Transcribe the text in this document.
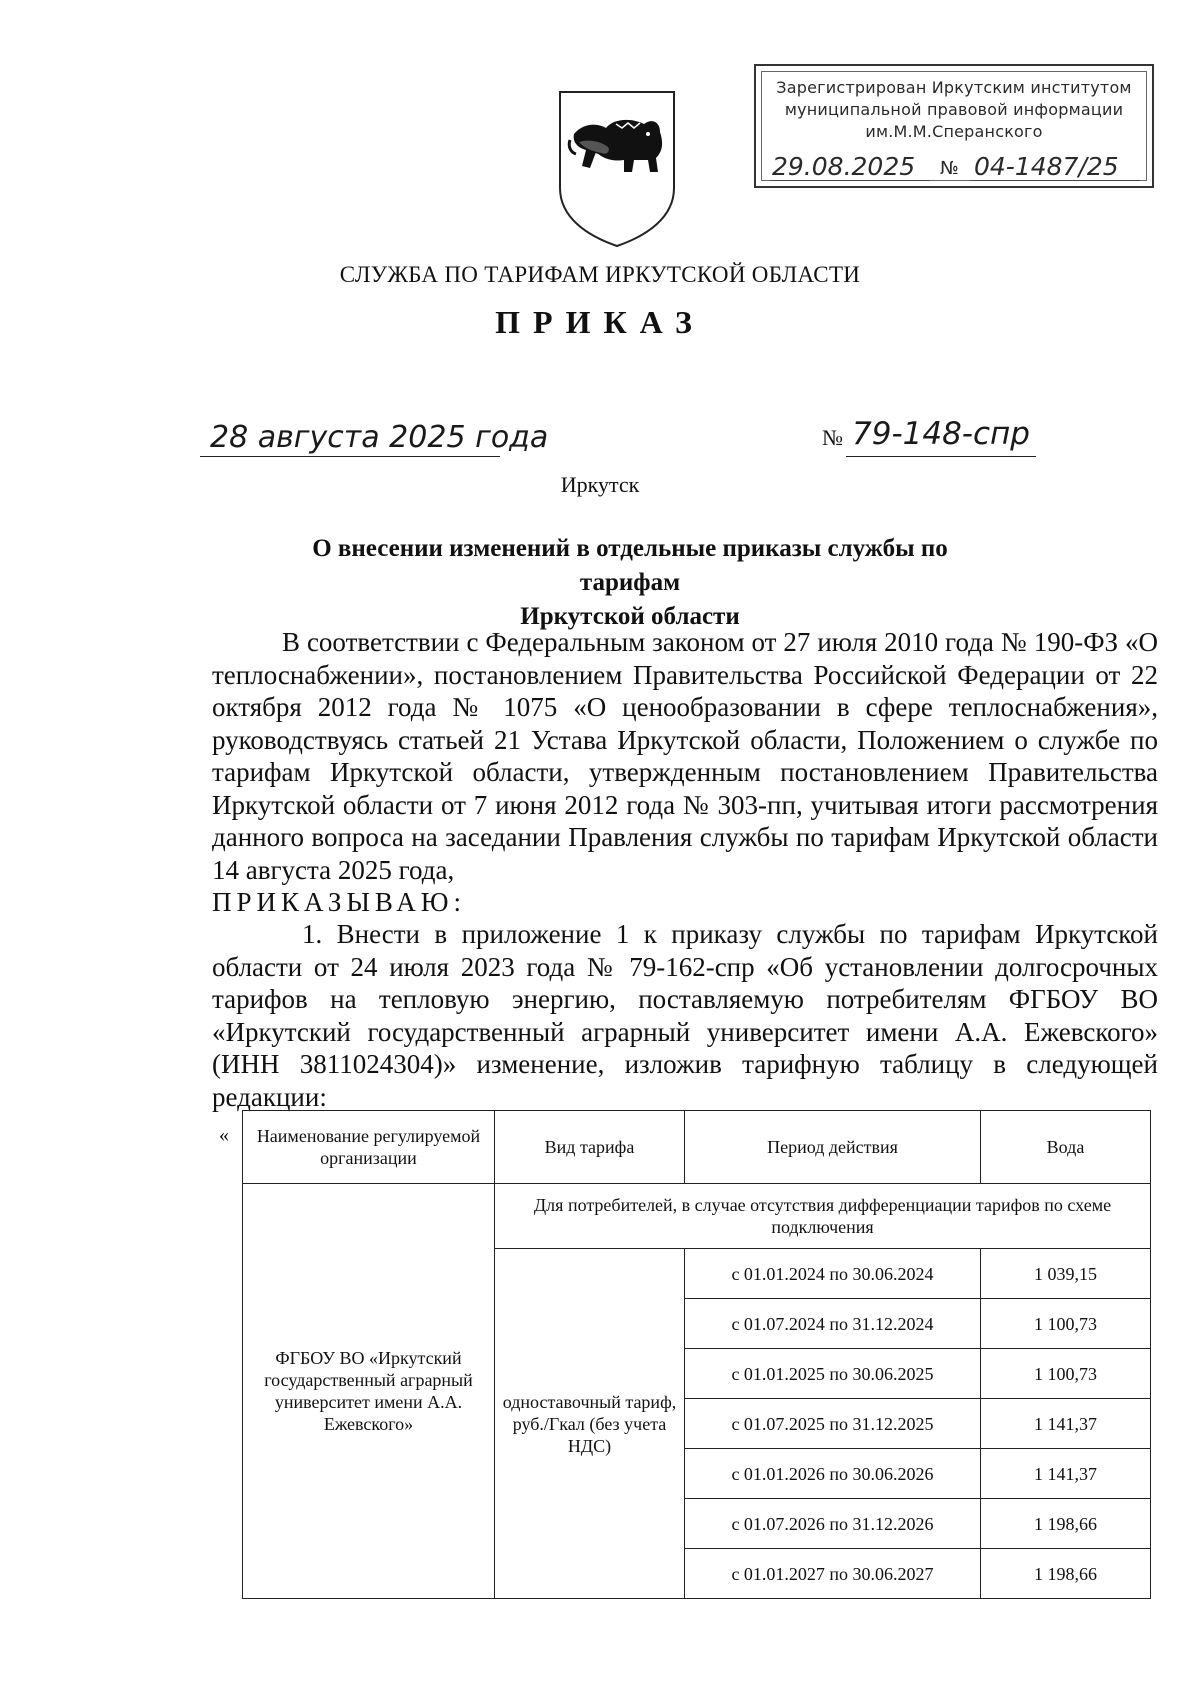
Зарегистрирован Иркутским институтом
муниципальной правовой информации
им.М.М.Сперанского
29.08.2025 № 04-1487/25
СЛУЖБА ПО ТАРИФАМ ИРКУТСКОЙ ОБЛАСТИ
ПРИКАЗ
28 августа 2025 года	№ 79-148-спр
Иркутск
О внесении изменений в отдельные приказы службы по тарифам
Иркутской области
В соответствии с Федеральным законом от 27 июля 2010 года № 190-ФЗ «О теплоснабжении», постановлением Правительства Российской Федерации от 22 октября 2012 года № 1075 «О ценообразовании в сфере теплоснабжения», руководствуясь статьей 21 Устава Иркутской области, Положением о службе по тарифам Иркутской области, утвержденным постановлением Правительства Иркутской области от 7 июня 2012 года № 303-пп, учитывая итоги рассмотрения данного вопроса на заседании Правления службы по тарифам Иркутской области 14 августа 2025 года,
ПРИКАЗЫВАЮ:
1. Внести в приложение 1 к приказу службы по тарифам Иркутской области от 24 июля 2023 года № 79-162-спр «Об установлении долгосрочных тарифов на тепловую энергию, поставляемую потребителям ФГБОУ ВО «Иркутский государственный аграрный университет имени А.А. Ежевского» (ИНН 3811024304)» изменение, изложив тарифную таблицу в следующей редакции:
« Наименование регулируемой организации	Вид тарифа	Период действия	Вода
ФГБОУ ВО «Иркутский государственный аграрный университет имени А.А. Ежевского»	Для потребителей, в случае отсутствия дифференциации тарифов по схеме подключения		
	одноставочный тариф, руб./Гкал (без учета НДС)	с 01.01.2024 по 30.06.2024	1 039,15
		с 01.07.2024 по 31.12.2024	1 100,73
		с 01.01.2025 по 30.06.2025	1 100,73
		с 01.07.2025 по 31.12.2025	1 141,37
		с 01.01.2026 по 30.06.2026	1 141,37
		с 01.07.2026 по 31.12.2026	1 198,66
		с 01.01.2027 по 30.06.2027	1 198,66
